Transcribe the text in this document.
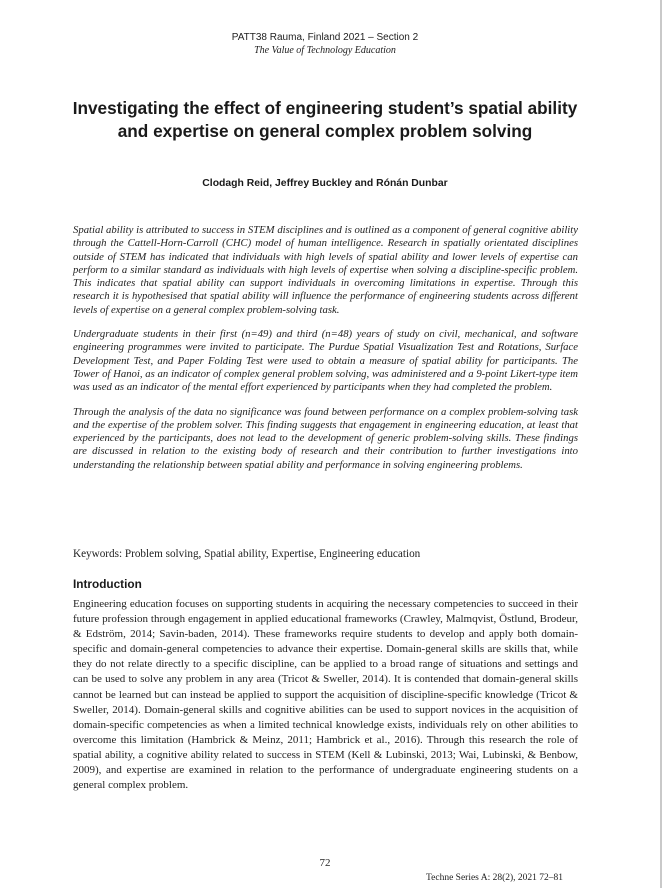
PATT38 Rauma, Finland 2021 – Section 2
The Value of Technology Education
Investigating the effect of engineering student’s spatial ability and expertise on general complex problem solving
Clodagh Reid, Jeffrey Buckley and Rónán Dunbar

Spatial ability is attributed to success in STEM disciplines and is outlined as a component of general cognitive ability through the Cattell-Horn-Carroll (CHC) model of human intelligence. Research in spatially orientated disciplines outside of STEM has indicated that individuals with high levels of spatial ability and lower levels of expertise can perform to a similar standard as individuals with high levels of expertise when solving a discipline-specific problem. This indicates that spatial ability can support individuals in overcoming limitations in expertise. Through this research it is hypothesised that spatial ability will influence the performance of engineering students across different levels of expertise on a general complex problem-solving task.

Undergraduate students in their first (n=49) and third (n=48) years of study on civil, mechanical, and software engineering programmes were invited to participate. The Purdue Spatial Visualization Test and Rotations, Surface Development Test, and Paper Folding Test were used to obtain a measure of spatial ability for participants. The Tower of Hanoi, as an indicator of complex general problem solving, was administered and a 9-point Likert-type item was used as an indicator of the mental effort experienced by participants when they had completed the problem.

Through the analysis of the data no significance was found between performance on a complex problem-solving task and the expertise of the problem solver. This finding suggests that engagement in engineering education, at least that experienced by the participants, does not lead to the development of generic problem-solving skills. These findings are discussed in relation to the existing body of research and their contribution to further investigations into understanding the relationship between spatial ability and performance in solving engineering problems.

Keywords: Problem solving, Spatial ability, Expertise, Engineering education
Introduction

Engineering education focuses on supporting students in acquiring the necessary competencies to succeed in their future profession through engagement in applied educational frameworks (Crawley, Malmqvist, Östlund, Brodeur, & Edström, 2014; Savin-baden, 2014). These frameworks require students to develop and apply both domain-specific and domain-general competencies to advance their expertise. Domain-general skills are skills that, while they do not relate directly to a specific discipline, can be applied to a broad range of situations and settings and can be used to solve any problem in any area (Tricot & Sweller, 2014). It is contended that domain-general skills cannot be learned but can instead be applied to support the acquisition of discipline-specific knowledge (Tricot & Sweller, 2014). Domain-general skills and cognitive abilities can be used to support novices in the acquisition of domain-specific competencies as when a limited technical knowledge exists, individuals rely on other abilities to overcome this limitation (Hambrick & Meinz, 2011; Hambrick et al., 2016). Through this research the role of spatial ability, a cognitive ability related to success in STEM (Kell & Lubinski, 2013; Wai, Lubinski, & Benbow, 2009), and expertise are examined in relation to the performance of undergraduate engineering students on a general complex problem.

72
Techne Series A: 28(2), 2021 72–81
